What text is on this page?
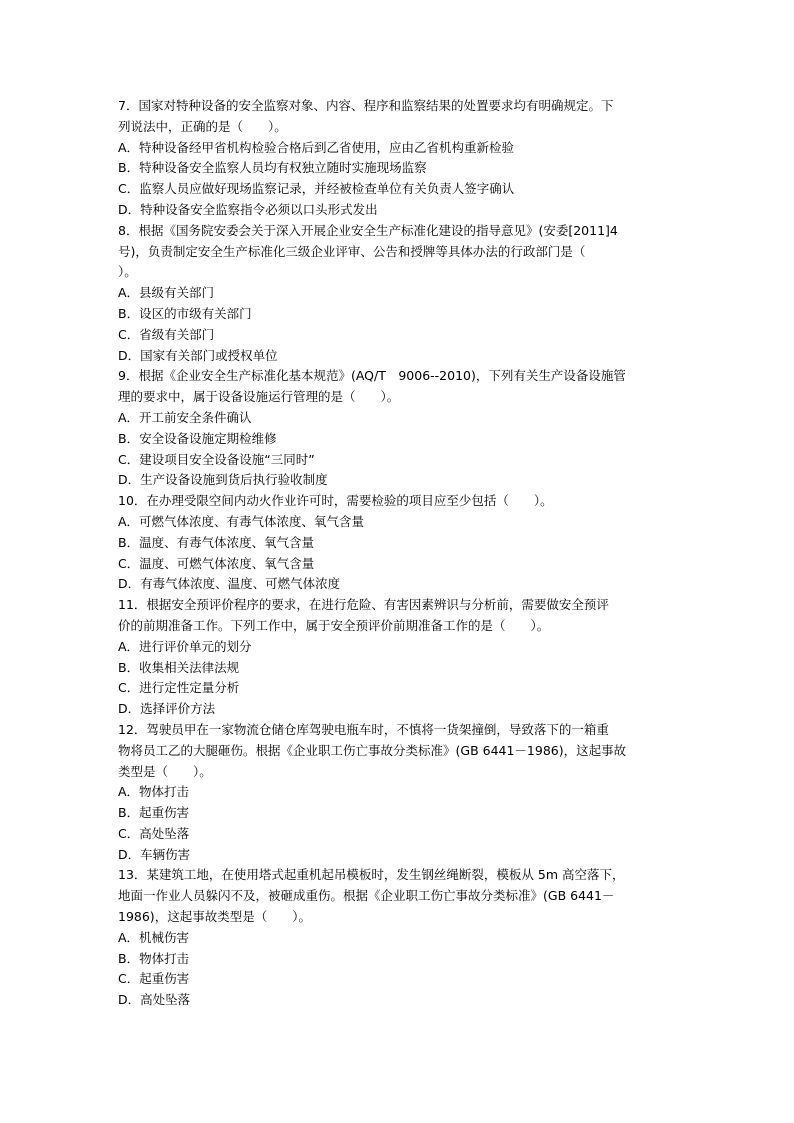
7．国家对特种设备的安全监察对象、内容、程序和监察结果的处置要求均有明确规定。下
列说法中，正确的是（　　）。
A．特种设备经甲省机构检验合格后到乙省使用，应由乙省机构重新检验
B．特种设备安全监察人员均有权独立随时实施现场监察
C．监察人员应做好现场监察记录，并经被检查单位有关负责人签字确认
D．特种设备安全监察指令必须以口头形式发出
8．根据《国务院安委会关于深入开展企业安全生产标准化建设的指导意见》(安委[2011]4
号)，负责制定安全生产标准化三级企业评审、公告和授牌等具体办法的行政部门是（
）。
A．县级有关部门
B．设区的市级有关部门
C．省级有关部门
D．国家有关部门或授权单位
9．根据《企业安全生产标准化基本规范》(AQ/T　9006--2010)，下列有关生产设备设施管
理的要求中，属于设备设施运行管理的是（　　）。
A．开工前安全条件确认
B．安全设备设施定期检维修
C．建设项目安全设备设施“三同时”
D．生产设备设施到货后执行验收制度
10．在办理受限空间内动火作业许可时，需要检验的项目应至少包括（　　）。
A．可燃气体浓度、有毒气体浓度、氧气含量
B．温度、有毒气体浓度、氧气含量
C．温度、可燃气体浓度、氧气含量
D．有毒气体浓度、温度、可燃气体浓度
11．根据安全预评价程序的要求，在进行危险、有害因素辨识与分析前，需要做安全预评
价的前期准备工作。下列工作中，属于安全预评价前期准备工作的是（　　）。
A．进行评价单元的划分
B．收集相关法律法规
C．进行定性定量分析
D．选择评价方法
12．驾驶员甲在一家物流仓储仓库驾驶电瓶车时，不慎将一货架撞倒，导致落下的一箱重
物将员工乙的大腿砸伤。根据《企业职工伤亡事故分类标准》(GB 6441－1986)，这起事故
类型是（　　）。
A．物体打击
B．起重伤害
C．高处坠落
D．车辆伤害
13．某建筑工地，在使用塔式起重机起吊模板时，发生钢丝绳断裂，模板从 5m 高空落下，
地面一作业人员躲闪不及，被砸成重伤。根据《企业职工伤亡事故分类标准》(GB 6441－
1986)，这起事故类型是（　　）。
A．机械伤害
B．物体打击
C．起重伤害
D．高处坠落
